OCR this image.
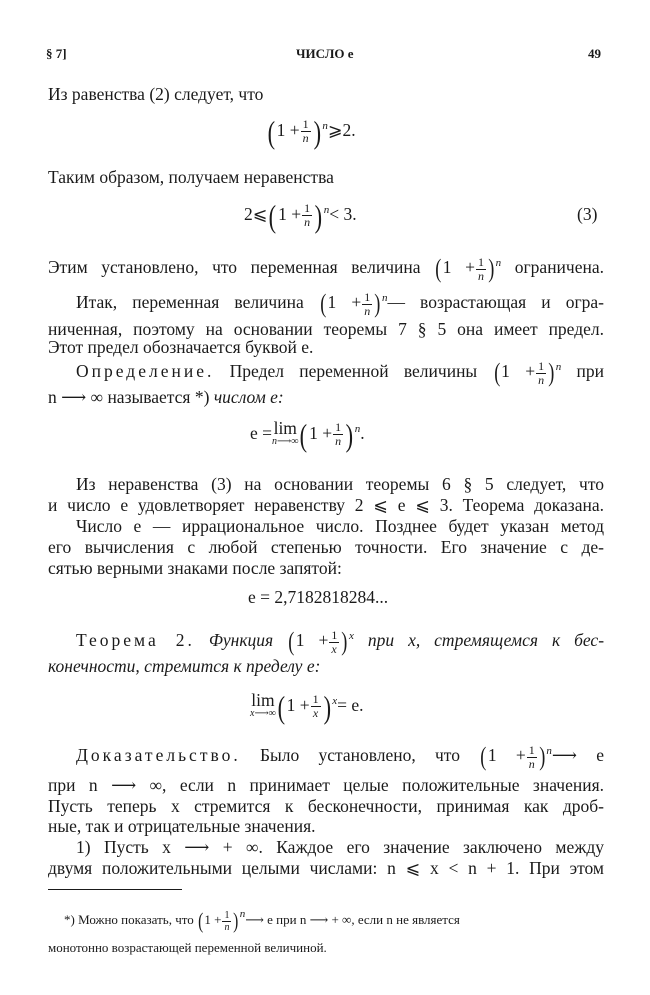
§ 7]	ЧИСЛО e	49
Из равенства (2) следует, что
($1 + \frac{1}{n}$ ) $^n$⩾2.
Таким образом, получаем неравенства
2⩽(1 + $\frac{1}{n}$ ) $^n$< 3.	(3)
Этим установлено, что переменная величина $(1 + \frac{1}{n} )^n$ ограничена.
Итак, переменная величина ($1 + \frac{1}{n}$ )$^n—$ возрастающая и огра-
ниченная, поэтому на основании теоремы 7 § 5 она имеет предел.
Этот предел обозначается буквой e.
Определение. Предел переменной величины $(1 + \frac{1}{n} )^n$ при
n ⟶ ∞ называется *) числом e:
e =lim
n⟶∞ ($1 + \frac{1}{n}$ ) $^n$.
Из неравенства (3) на основании теоремы 6 § 5 следует, что
и число e удовлетворяет неравенству 2 ⩽ e ⩽ 3. Теорема доказана.
Число e — иррациональное число. Позднее будет указан метод
его вычисления с любой степенью точности. Его значение с де-
сятью верными знаками после запятой:
e = 2,7182818284...
Теорема 2. Функция $(1 + \frac{1}{x} )^x$ при x, стремящемся к бес-
конечности, стремится к пределу e:
lim
x⟶∞ ($1 + \frac{1}{x}$ ) $^x$= e.
Доказательство. Было установлено, что ($1 + \frac{1}{n}$ )$^n⟶$ e
при n ⟶ ∞, если n принимает целые положительные значения.
Пусть теперь x стремится к бесконечности, принимая как дроб-
ные, так и отрицательные значения.
1) Пусть x ⟶ + ∞. Каждое его значение заключено между
двумя положительными целыми числами: n ⩽ x < n + 1. При этом
*) Можно показать, что ($1 + \frac{1}{n}$ )$^n⟶$ e при n ⟶ + ∞, если n не является
монотонно возрастающей переменной величиной.
